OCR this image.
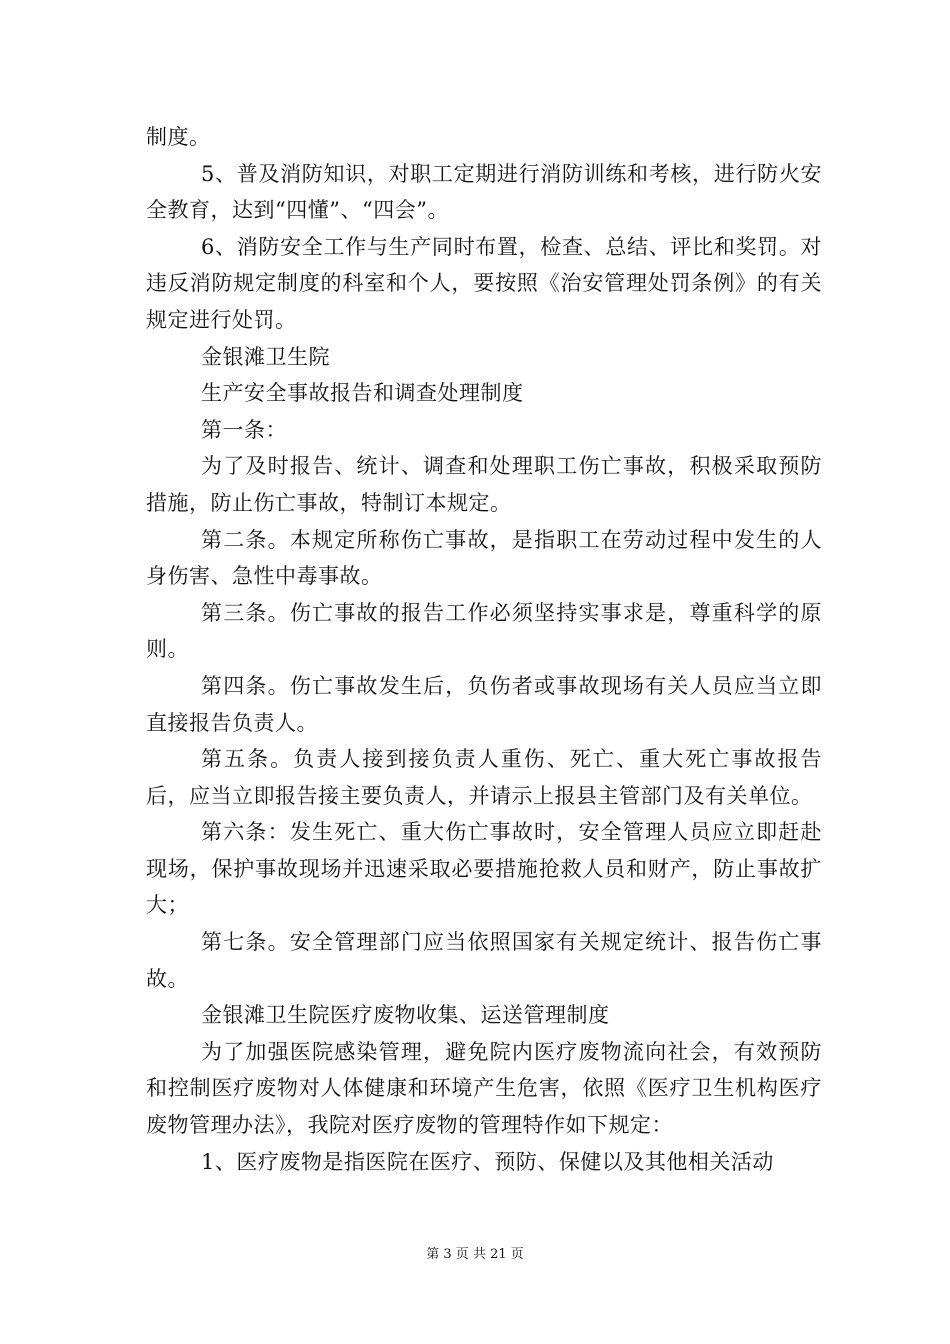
制度。

5、普及消防知识，对职工定期进行消防训练和考核，进行防火安全教育，达到“四懂”、“四会”。

6、消防安全工作与生产同时布置，检查、总结、评比和奖罚。对违反消防规定制度的科室和个人，要按照《治安管理处罚条例》的有关规定进行处罚。

金银滩卫生院

生产安全事故报告和调查处理制度

第一条：

为了及时报告、统计、调查和处理职工伤亡事故，积极采取预防措施，防止伤亡事故，特制订本规定。

第二条。本规定所称伤亡事故，是指职工在劳动过程中发生的人身伤害、急性中毒事故。

第三条。伤亡事故的报告工作必须坚持实事求是，尊重科学的原则。

第四条。伤亡事故发生后，负伤者或事故现场有关人员应当立即直接报告负责人。

第五条。负责人接到接负责人重伤、死亡、重大死亡事故报告后，应当立即报告接主要负责人，并请示上报县主管部门及有关单位。

第六条：发生死亡、重大伤亡事故时，安全管理人员应立即赶赴现场，保护事故现场并迅速采取必要措施抢救人员和财产，防止事故扩大；

第七条。安全管理部门应当依照国家有关规定统计、报告伤亡事故。

金银滩卫生院医疗废物收集、运送管理制度

为了加强医院感染管理，避免院内医疗废物流向社会，有效预防和控制医疗废物对人体健康和环境产生危害，依照《医疗卫生机构医疗废物管理办法》，我院对医疗废物的管理特作如下规定：

1、医疗废物是指医院在医疗、预防、保健以及其他相关活动

第 3 页 共 21 页
